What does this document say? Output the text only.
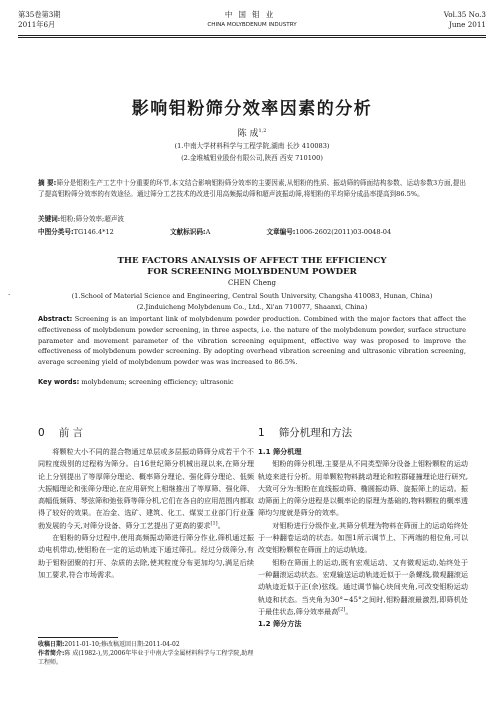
第35卷第3期
2011年6月
中国钼业
CHINA MOLYBDENUM INDUSTRY
Vol.35 No.3
June 2011
影响钼粉筛分效率因素的分析
陈 成$^{1,2}$
(1.中南大学材料科学与工程学院,湖南 长沙 410083)
(2.金堆城钼业股份有限公司,陕西 西安 710100)
摘 要:筛分是钼粉生产工艺中十分重要的环节,本文结合影响钼粉筛分效率的主要因素,从钼粉的性质、振动筛的筛面结构参数、运动参数3方面,提出了提高钼粉筛分效率的有效途径。通过筛分工艺技术的改进引用高频振动筛和超声波振动筛,将钼粉的平均筛分成品率提高到86.5%。
关键词:钼粉;筛分效率;超声波
中图分类号:TG146.4*12	文献标识码:A	文章编号:1006-2602(2011)03-0048-04
THE FACTORS ANALYSIS OF AFFECT THE EFFICIENCY
FOR SCREENING MOLYBDENUM POWDER
CHEN Cheng
·	(1.School of Material Science and Engineering, Central South University, Changsha 410083, Hunan, China)
(2.Jinduicheng Molybdenum Co., Ltd., Xi'an 710077, Shaanxi, China)
Abstract: Screening is an important link of molybdenum powder production. Combined with the major factors that affect the effectiveness of molybdenum powder screening, in three aspects, i.e. the nature of the molybdenum powder, surface structure parameter and movement parameter of the vibration screening equipment, effective way was proposed to improve the effectiveness of molybdenum powder screening. By adopting overhead vibration screening and ultrasonic vibration screening, average screening yield of molybdenum powder was was increased to 86.5%.
Key words: molybdenum; screening efficiency; ultrasonic
0 前 言

将颗粒大小不同的混合物通过单层或多层振动筛筛分成若干个不同粒度级别的过程称为筛分。自16世纪筛分机械出现以来,在筛分理论上分别提出了等厚筛分理论、概率筛分理论、强化筛分理论、低频大振幅理论和张筛分理论,在应用研究上相继推出了等厚筛、强化筛、高幅低频筛、琴弦筛和弛张筛等筛分机,它们在各自的应用范围内都取得了较好的效果。在冶金、选矿、建筑、化工、煤炭工业部门行业蓬勃发展的今天,对筛分设备、筛分工艺提出了更高的要求[1]。

在钼粉的筛分过程中,使用高频振动筛进行筛分作业,筛机通过振动电机带动,使钼粉在一定的运动轨迹下通过筛孔。经过分级筛分,有助于钼粉团聚的打开、杂质的去除,使其粒度分布更加均匀,满足后续加工要求,符合市场需求。

1 筛分机理和方法

1.1 筛分机理

钼粉的筛分机理,主要是从不同类型筛分设备上钼粉颗粒的运动轨迹来进行分析。用单颗粒物料跳动理论和粒群碰撞理论进行研究,大致可分为:钼粉在直线振动筛、椭圆振动筛、旋振筛上的运动。振动筛面上的筛分进程是以概率论的原理为基础的,物料颗粒的概率透筛均匀度就是筛分的效率。

对钼粉进行分级作业,其筛分机理为物料在筛面上的运动始终处于一种翻卷运动的状态。如图1所示调节上、下两端的相位角,可以改变钼粉颗粒在筛面上的运动轨迹。

钼粉在筛面上的运动,既有宏观运动、又有微观运动,始终处于一种翻滚运动状态。宏观输送运动轨迹近似于一条螺线,微观翻滚运动轨迹近似于正(余)弦线。通过调节偏心块间夹角,可改变钼粉运动轨迹和状态。当夹角为30°~45°之间时,钼粉翻滚最激烈,即筛机处于最佳状态,筛分效率最高[2]。

1.2 筛分方法

收稿日期:2011-01-10;修改稿返回日期:2011-04-02
作者简介:陈 成(1982-),男,2006年毕业于中南大学金属材料科学与工程学院,助理工程师。
